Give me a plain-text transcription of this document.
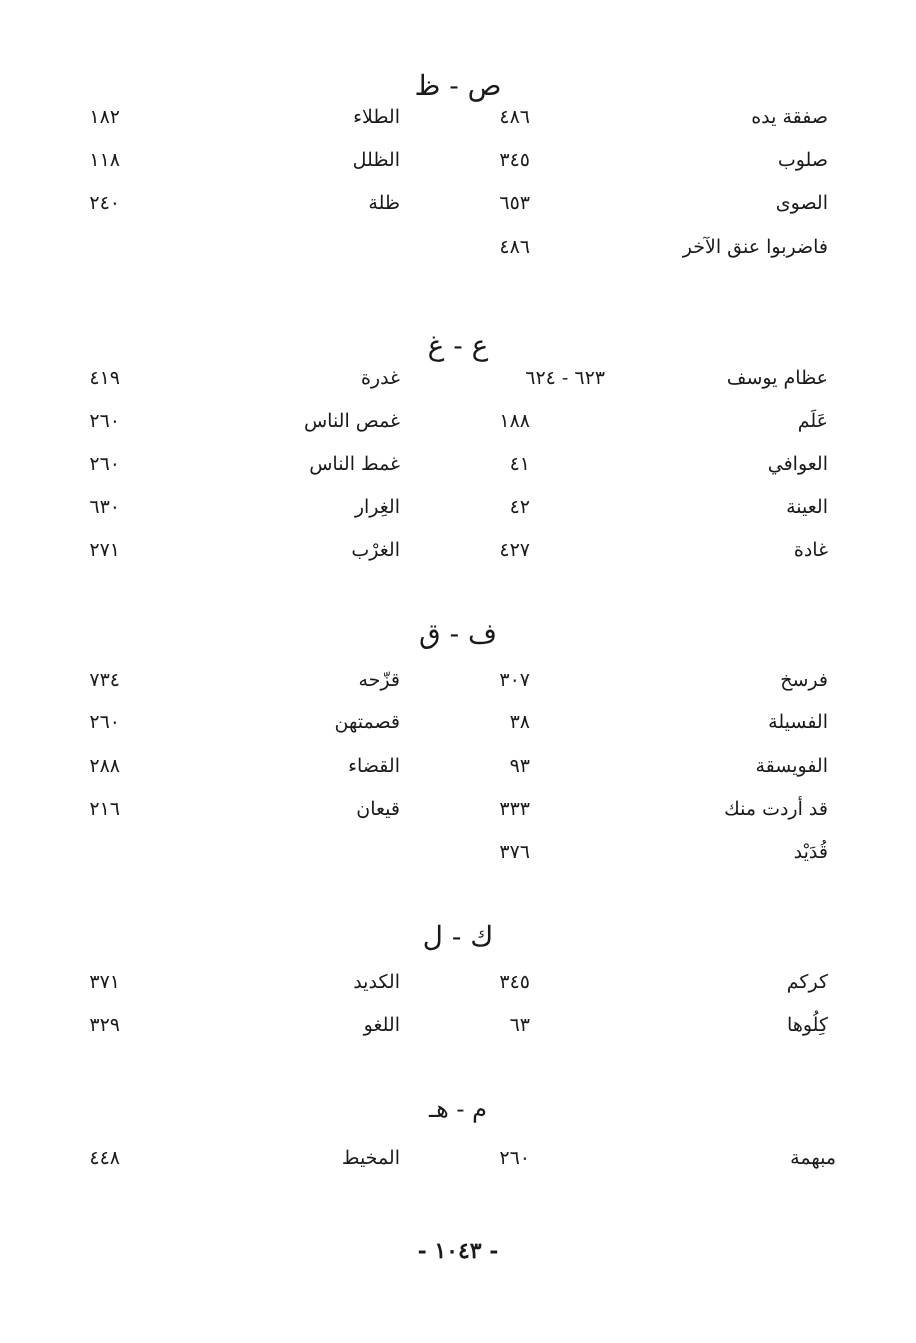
ص - ظ
صفقة يده
٤٨٦
الطلاء
١٨٢
صلوب
٣٤٥
الظلل
١١٨
الصوى
٦٥٣
ظلة
٢٤٠
فاضربوا عنق الآخر
٤٨٦
ع - غ
عظام يوسف
٦٢٣ - ٦٢٤
غدرة
٤١٩
عَلَم
١٨٨
غمص الناس
٢٦٠
العوافي
٤١
غمط الناس
٢٦٠
العينة
٤٢
الغِرار
٦٣٠
غادة
٤٢٧
الغرْب
٢٧١
ف - ق
فرسخ
٣٠٧
قزّحه
٧٣٤
الفسيلة
٣٨
قصمتهن
٢٦٠
الفويسقة
٩٣
القضاء
٢٨٨
قد أردت منك
٣٣٣
قيعان
٢١٦
قُدَيْد
٣٧٦
ك - ل
كركم
٣٤٥
الكديد
٣٧١
كِلُوها
٦٣
اللغو
٣٢٩
م - هـ
مبهمة
٢٦٠
المخيط
٤٤٨
- ١٠٤٣ -
